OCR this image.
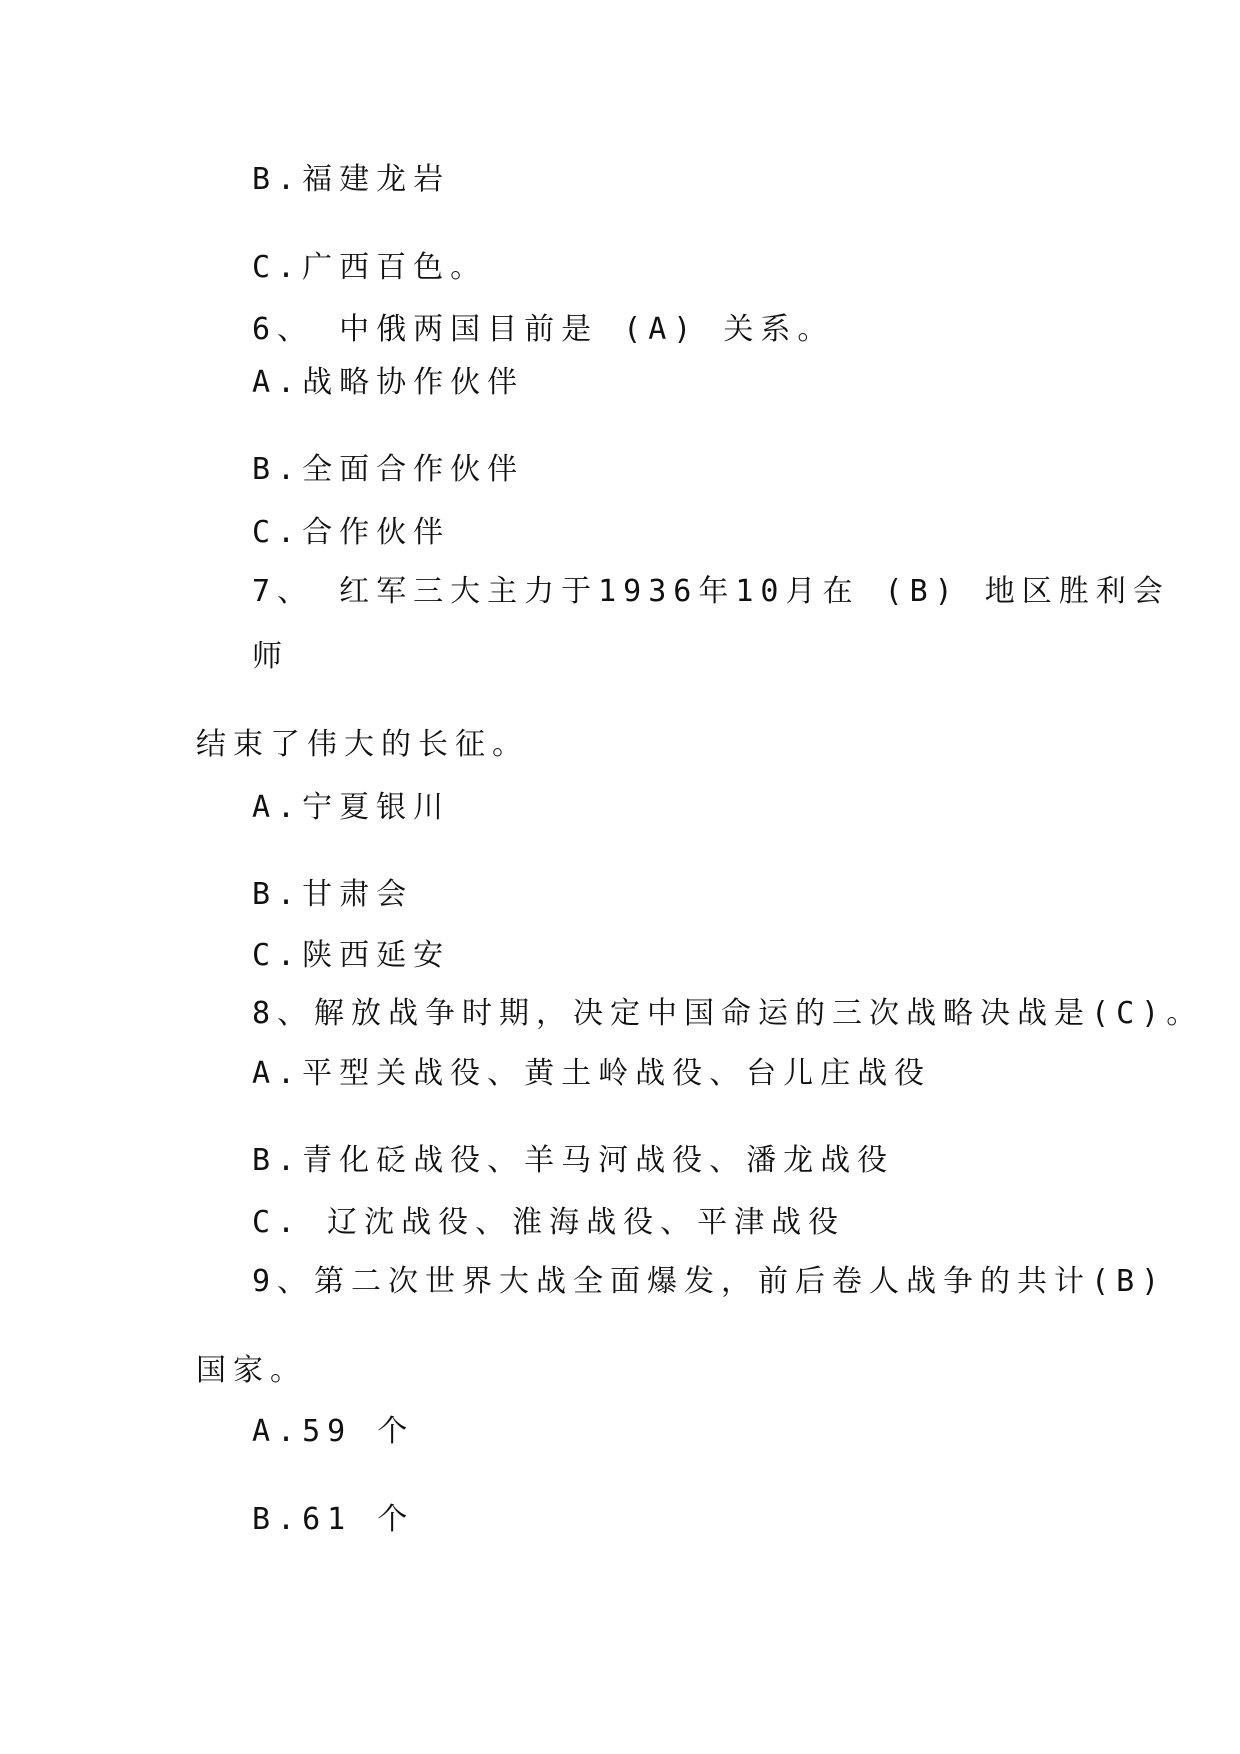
B.福建龙岩
C.广西百色。
6、 中俄两国目前是 (A) 关系。
A.战略协作伙伴
B.全面合作伙伴
C.合作伙伴
7、 红军三大主力于1936年10月在 (B) 地区胜利会
师
结束了伟大的长征。
A.宁夏银川
B.甘肃会
C.陕西延安
8、解放战争时期，决定中国命运的三次战略决战是(C)。
A.平型关战役、黄土岭战役、台儿庄战役
B.青化砭战役、羊马河战役、潘龙战役
C. 辽沈战役、淮海战役、平津战役
9、第二次世界大战全面爆发，前后卷人战争的共计(B)
国家。
A.59 个
B.61 个
